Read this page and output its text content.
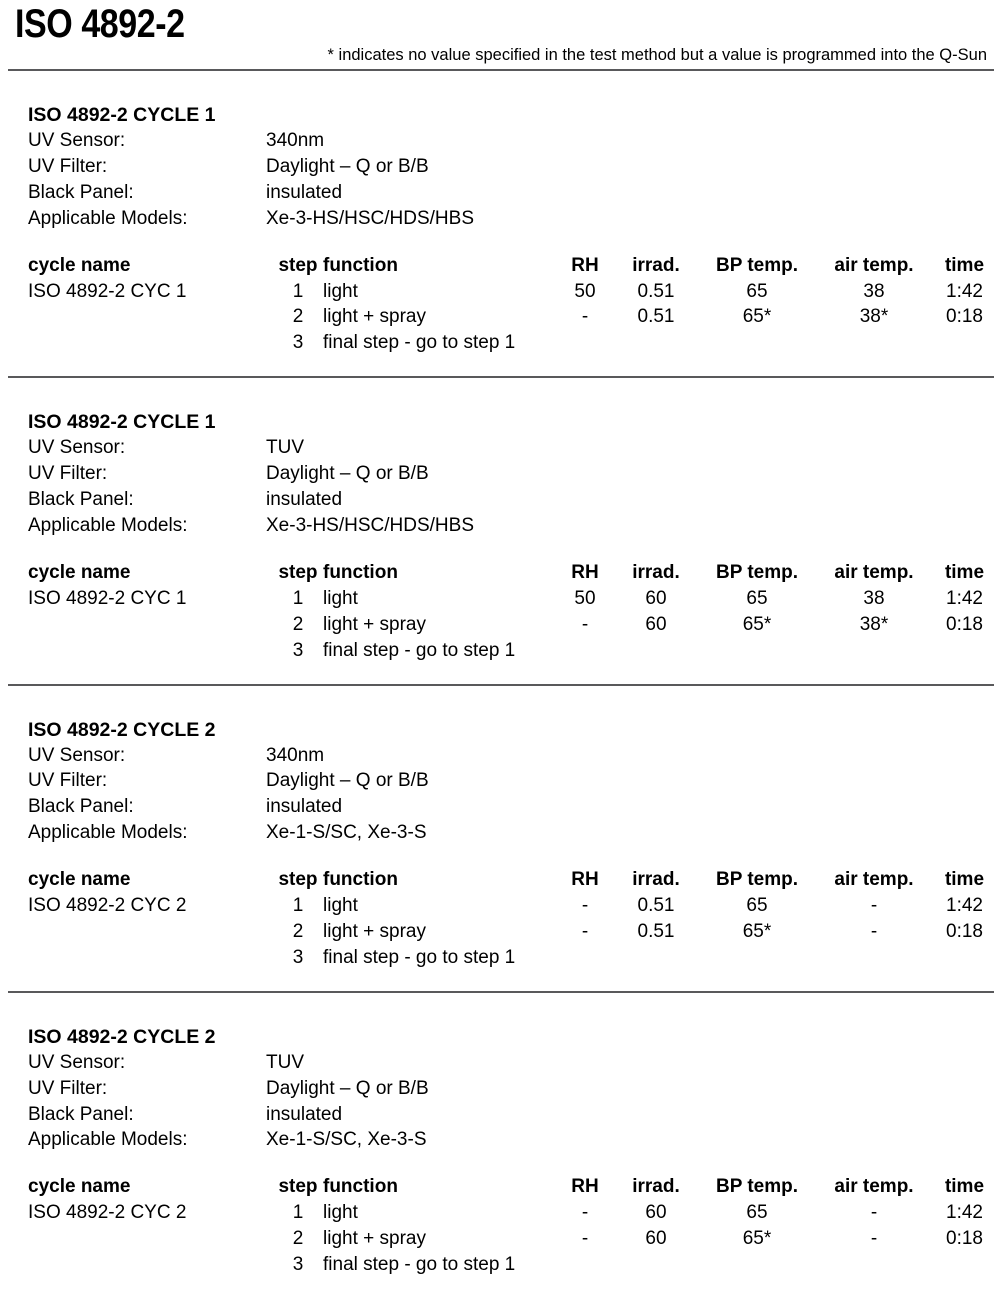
ISO 4892-2
* indicates no value specified in the test method but a value is programmed into the Q-Sun
ISO 4892-2 CYCLE 1
UV Sensor:	340nm
UV Filter:	Daylight – Q or B/B
Black Panel:	insulated
Applicable Models:	Xe-3-HS/HSC/HDS/HBS
cycle name	step	function	RH	irrad.	BP temp.	air temp.	time
ISO 4892-2 CYC 1	1	light	50	0.51	65	38	1:42
	2	light + spray	-	0.51	65*	38*	0:18
	3	final step - go to step 1					
ISO 4892-2 CYCLE 1
UV Sensor:	TUV
UV Filter:	Daylight – Q or B/B
Black Panel:	insulated
Applicable Models:	Xe-3-HS/HSC/HDS/HBS
cycle name	step	function	RH	irrad.	BP temp.	air temp.	time
ISO 4892-2 CYC 1	1	light	50	60	65	38	1:42
	2	light + spray	-	60	65*	38*	0:18
	3	final step - go to step 1					
ISO 4892-2 CYCLE 2
UV Sensor:	340nm
UV Filter:	Daylight – Q or B/B
Black Panel:	insulated
Applicable Models:	Xe-1-S/SC, Xe-3-S
cycle name	step	function	RH	irrad.	BP temp.	air temp.	time
ISO 4892-2 CYC 2	1	light	-	0.51	65	-	1:42
	2	light + spray	-	0.51	65*	-	0:18
	3	final step - go to step 1					
ISO 4892-2 CYCLE 2
UV Sensor:	TUV
UV Filter:	Daylight – Q or B/B
Black Panel:	insulated
Applicable Models:	Xe-1-S/SC, Xe-3-S
cycle name	step	function	RH	irrad.	BP temp.	air temp.	time
ISO 4892-2 CYC 2	1	light	-	60	65	-	1:42
	2	light + spray	-	60	65*	-	0:18
	3	final step - go to step 1					
